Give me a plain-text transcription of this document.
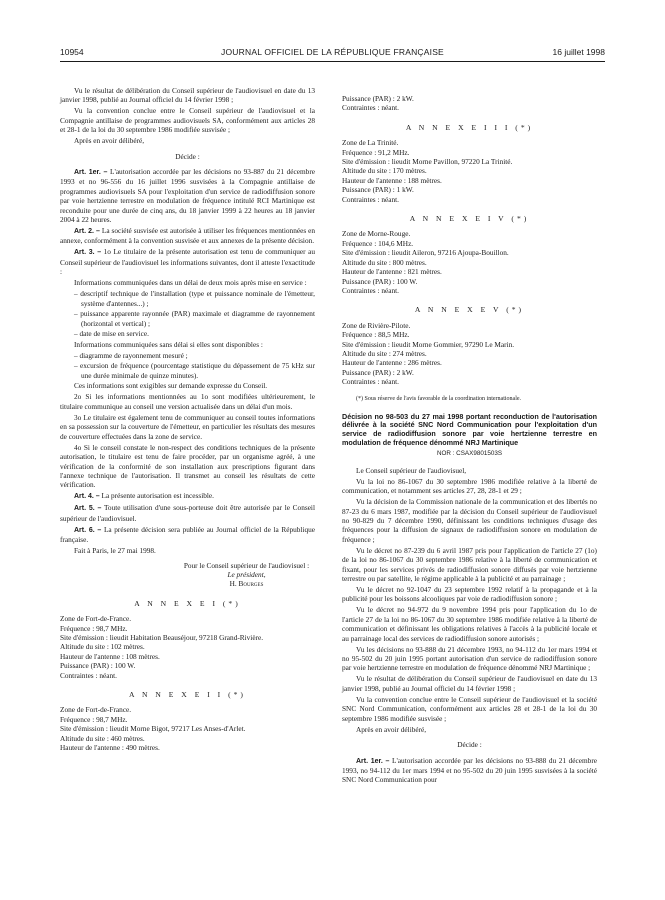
10954	JOURNAL OFFICIEL DE LA RÉPUBLIQUE FRANÇAISE	16 juillet 1998

Vu le résultat de délibération du Conseil supérieur de l'audiovisuel en date du 13 janvier 1998, publié au Journal officiel du 14 février 1998 ;

Vu la convention conclue entre le Conseil supérieur de l'audiovisuel et la Compagnie antillaise de programmes audiovisuels SA, conformément aux articles 28 et 28-1 de la loi du 30 septembre 1986 modifiée susvisée ;

Après en avoir délibéré,

Décide :

Art. 1er. – L'autorisation accordée par les décisions no 93-887 du 21 décembre 1993 et no 96-556 du 16 juillet 1996 susvisées à la Compagnie antillaise de programmes audiovisuels SA pour l'exploitation d'un service de radiodiffusion sonore par voie hertzienne terrestre en modulation de fréquence intitulé RCI Martinique est reconduite pour une durée de cinq ans, du 18 janvier 1999 à 22 heures au 18 janvier 2004 à 22 heures.

Art. 2. – La société susvisée est autorisée à utiliser les fréquences mentionnées en annexe, conformément à la convention susvisée et aux annexes de la présente décision.

Art. 3. – 1o Le titulaire de la présente autorisation est tenu de communiquer au Conseil supérieur de l'audiovisuel les informations suivantes, dont il atteste l'exactitude :

Informations communiquées dans un délai de deux mois après mise en service :

– descriptif technique de l'installation (type et puissance nominale de l'émetteur, système d'antennes...) ;

– puissance apparente rayonnée (PAR) maximale et diagramme de rayonnement (horizontal et vertical) ;

– date de mise en service.

Informations communiquées sans délai si elles sont disponibles :

– diagramme de rayonnement mesuré ;

– excursion de fréquence (pourcentage statistique du dépassement de 75 kHz sur une durée minimale de quinze minutes).

Ces informations sont exigibles sur demande expresse du Conseil.

2o Si les informations mentionnées au 1o sont modifiées ultérieurement, le titulaire communique au conseil une version actualisée dans un délai d'un mois.

3o Le titulaire est également tenu de communiquer au conseil toutes informations en sa possession sur la couverture de l'émetteur, en particulier les résultats des mesures de couverture effectuées dans la zone de service.

4o Si le conseil constate le non-respect des conditions techniques de la présente autorisation, le titulaire est tenu de faire procéder, par un organisme agréé, à une vérification de la conformité de son installation aux prescriptions figurant dans l'annexe technique de l'autorisation. Il transmet au conseil les résultats de cette vérification.

Art. 4. – La présente autorisation est incessible.

Art. 5. – Toute utilisation d'une sous-porteuse doit être autorisée par le Conseil supérieur de l'audiovisuel.

Art. 6. – La présente décision sera publiée au Journal officiel de la République française.

Fait à Paris, le 27 mai 1998.

Pour le Conseil supérieur de l'audiovisuel :
Le président,
H. Bourges

A N N E X E I (*)

Zone de Fort-de-France.

Fréquence : 98,7 MHz.

Site d'émission : lieudit Habitation Beauséjour, 97218 Grand-Rivière.

Altitude du site : 102 mètres.

Hauteur de l'antenne : 108 mètres.

Puissance (PAR) : 100 W.

Contraintes : néant.

A N N E X E I I (*)

Zone de Fort-de-France.

Fréquence : 98,7 MHz.

Site d'émission : lieudit Morne Bigot, 97217 Les Anses-d'Arlet.

Altitude du site : 460 mètres.

Hauteur de l'antenne : 490 mètres.

Puissance (PAR) : 2 kW.

Contraintes : néant.

A N N E X E I I I (*)

Zone de La Trinité.

Fréquence : 91,2 MHz.

Site d'émission : lieudit Morne Pavillon, 97220 La Trinité.

Altitude du site : 170 mètres.

Hauteur de l'antenne : 188 mètres.

Puissance (PAR) : 1 kW.

Contraintes : néant.

A N N E X E I V (*)

Zone de Morne-Rouge.

Fréquence : 104,6 MHz.

Site d'émission : lieudit Aileron, 97216 Ajoupa-Bouillon.

Altitude du site : 800 mètres.

Hauteur de l'antenne : 821 mètres.

Puissance (PAR) : 100 W.

Contraintes : néant.

A N N E X E V (*)

Zone de Rivière-Pilote.

Fréquence : 88,5 MHz.

Site d'émission : lieudit Morne Gommier, 97290 Le Marin.

Altitude du site : 274 mètres.

Hauteur de l'antenne : 286 mètres.

Puissance (PAR) : 2 kW.

Contraintes : néant.

(*) Sous réserve de l'avis favorable de la coordination internationale.

Décision no 98-503 du 27 mai 1998 portant reconduction de l'autorisation délivrée à la société SNC Nord Communication pour l'exploitation d'un service de radiodiffusion sonore par voie hertzienne terrestre en modulation de fréquence dénommé NRJ Martinique

NOR : CSAX9801503S

Le Conseil supérieur de l'audiovisuel,

Vu la loi no 86-1067 du 30 septembre 1986 modifiée relative à la liberté de communication, et notamment ses articles 27, 28, 28-1 et 29 ;

Vu la décision de la Commission nationale de la communication et des libertés no 87-23 du 6 mars 1987, modifiée par la décision du Conseil supérieur de l'audiovisuel no 90-829 du 7 décembre 1990, définissant les conditions techniques d'usage des fréquences pour la diffusion de signaux de radiodiffusion sonore en modulation de fréquence ;

Vu le décret no 87-239 du 6 avril 1987 pris pour l'application de l'article 27 (1o) de la loi no 86-1067 du 30 septembre 1986 relative à la liberté de communication et fixant, pour les services privés de radiodiffusion sonore diffusés par voie hertzienne terrestre ou par satellite, le régime applicable à la publicité et au parrainage ;

Vu le décret no 92-1047 du 23 septembre 1992 relatif à la propagande et à la publicité pour les boissons alcooliques par voie de radiodiffusion sonore ;

Vu le décret no 94-972 du 9 novembre 1994 pris pour l'application du 1o de l'article 27 de la loi no 86-1067 du 30 septembre 1986 modifiée relative à la liberté de communication et définissant les obligations relatives à l'accès à la publicité locale et au parrainage local des services de radiodiffusion sonore autorisés ;

Vu les décisions no 93-888 du 21 décembre 1993, no 94-112 du 1er mars 1994 et no 95-502 du 20 juin 1995 portant autorisation d'un service de radiodiffusion sonore par voie hertzienne terrestre en modulation de fréquence dénommé NRJ Martinique ;

Vu le résultat de délibération du Conseil supérieur de l'audiovisuel en date du 13 janvier 1998, publié au Journal officiel du 14 février 1998 ;

Vu la convention conclue entre le Conseil supérieur de l'audiovisuel et la société SNC Nord Communication, conformément aux articles 28 et 28-1 de la loi du 30 septembre 1986 modifiée susvisée ;

Après en avoir délibéré,

Décide :

Art. 1er. – L'autorisation accordée par les décisions no 93-888 du 21 décembre 1993, no 94-112 du 1er mars 1994 et no 95-502 du 20 juin 1995 susvisées à la société SNC Nord Communication pour
